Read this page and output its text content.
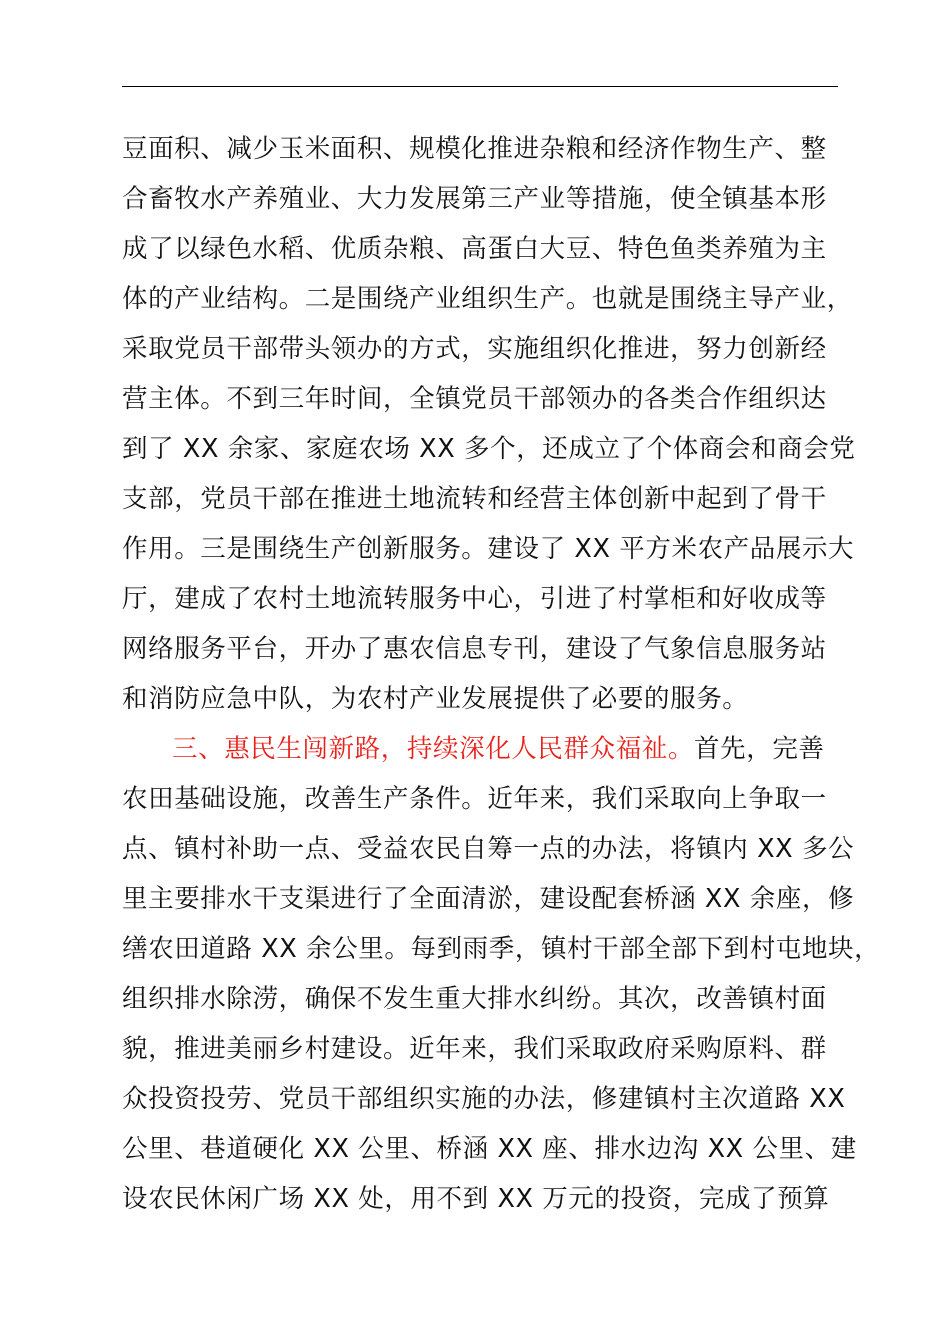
豆面积、减少玉米面积、规模化推进杂粮和经济作物生产、整
合畜牧水产养殖业、大力发展第三产业等措施，使全镇基本形
成了以绿色水稻、优质杂粮、高蛋白大豆、特色鱼类养殖为主
体的产业结构。二是围绕产业组织生产。也就是围绕主导产业，
采取党员干部带头领办的方式，实施组织化推进，努力创新经
营主体。不到三年时间，全镇党员干部领办的各类合作组织达
到了 XX 余家、家庭农场 XX 多个，还成立了个体商会和商会党
支部，党员干部在推进土地流转和经营主体创新中起到了骨干
作用。三是围绕生产创新服务。建设了 XX 平方米农产品展示大
厅，建成了农村土地流转服务中心，引进了村掌柜和好收成等
网络服务平台，开办了惠农信息专刊，建设了气象信息服务站
和消防应急中队，为农村产业发展提供了必要的服务。
三、惠民生闯新路，持续深化人民群众福祉。首先，完善
农田基础设施，改善生产条件。近年来，我们采取向上争取一
点、镇村补助一点、受益农民自筹一点的办法，将镇内 XX 多公
里主要排水干支渠进行了全面清淤，建设配套桥涵 XX 余座，修
缮农田道路 XX 余公里。每到雨季，镇村干部全部下到村屯地块，
组织排水除涝，确保不发生重大排水纠纷。其次，改善镇村面
貌，推进美丽乡村建设。近年来，我们采取政府采购原料、群
众投资投劳、党员干部组织实施的办法，修建镇村主次道路 XX
公里、巷道硬化 XX 公里、桥涵 XX 座、排水边沟 XX 公里、建
设农民休闲广场 XX 处，用不到 XX 万元的投资，完成了预算
